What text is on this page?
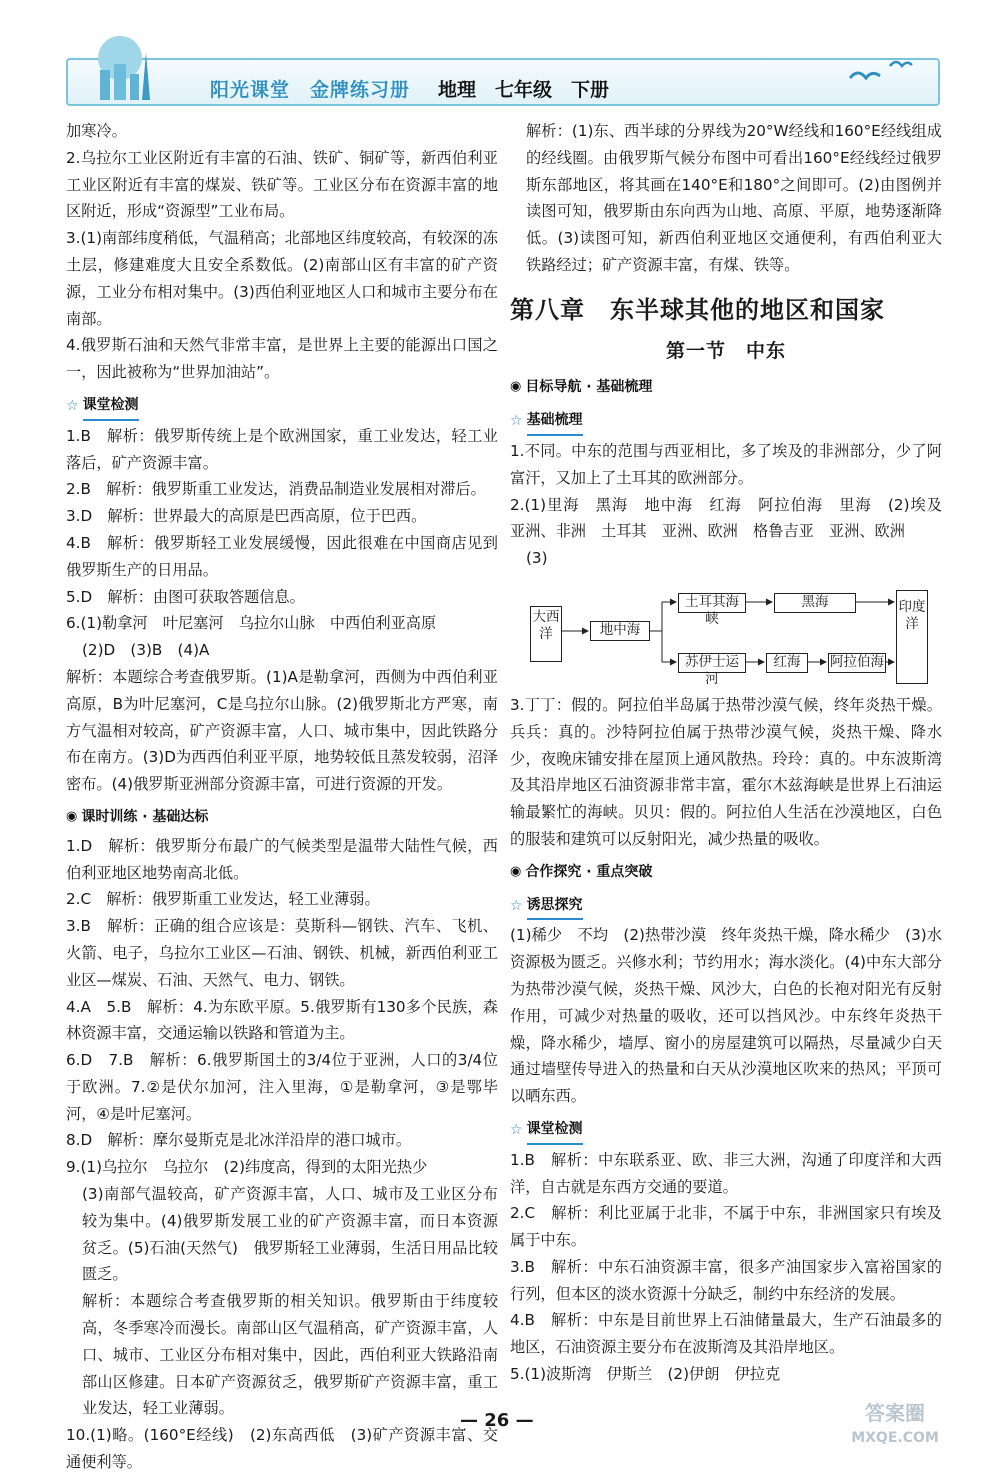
阳光课堂 金牌练习册 地理　七年级　下册

加寒冷。

2.乌拉尔工业区附近有丰富的石油、铁矿、铜矿等，新西伯利亚工业区附近有丰富的煤炭、铁矿等。工业区分布在资源丰富的地区附近，形成“资源型”工业布局。

3.(1)南部纬度稍低，气温稍高；北部地区纬度较高，有较深的冻土层，修建难度大且安全系数低。(2)南部山区有丰富的矿产资源，工业分布相对集中。(3)西伯利亚地区人口和城市主要分布在南部。

4.俄罗斯石油和天然气非常丰富，是世界上主要的能源出口国之一，因此被称为“世界加油站”。

☆ 课堂检测

1.B　解析：俄罗斯传统上是个欧洲国家，重工业发达，轻工业落后，矿产资源丰富。

2.B　解析：俄罗斯重工业发达，消费品制造业发展相对滞后。

3.D　解析：世界最大的高原是巴西高原，位于巴西。

4.B　解析：俄罗斯轻工业发展缓慢，因此很难在中国商店见到俄罗斯生产的日用品。

5.D　解析：由图可获取答题信息。

6.(1)勒拿河　叶尼塞河　乌拉尔山脉　中西伯利亚高原

(2)D　(3)B　(4)A

解析：本题综合考查俄罗斯。(1)A是勒拿河，西侧为中西伯利亚高原，B为叶尼塞河，C是乌拉尔山脉。(2)俄罗斯北方严寒，南方气温相对较高，矿产资源丰富，人口、城市集中，因此铁路分布在南方。(3)D为西西伯利亚平原，地势较低且蒸发较弱，沼泽密布。(4)俄罗斯亚洲部分资源丰富，可进行资源的开发。

◉ 课时训练 · 基础达标

1.D　解析：俄罗斯分布最广的气候类型是温带大陆性气候，西伯利亚地区地势南高北低。

2.C　解析：俄罗斯重工业发达，轻工业薄弱。

3.B　解析：正确的组合应该是：莫斯科—钢铁、汽车、飞机、火箭、电子，乌拉尔工业区—石油、钢铁、机械，新西伯利亚工业区—煤炭、石油、天然气、电力、钢铁。

4.A　5.B　解析：4.为东欧平原。5.俄罗斯有130多个民族，森林资源丰富，交通运输以铁路和管道为主。

6.D　7.B　解析：6.俄罗斯国土的3/4位于亚洲，人口的3/4位于欧洲。7.②是伏尔加河，注入里海，①是勒拿河，③是鄂毕河，④是叶尼塞河。

8.D　解析：摩尔曼斯克是北冰洋沿岸的港口城市。

9.(1)乌拉尔　乌拉尔　(2)纬度高，得到的太阳光热少

(3)南部气温较高，矿产资源丰富，人口、城市及工业区分布较为集中。(4)俄罗斯发展工业的矿产资源丰富，而日本资源贫乏。(5)石油(天然气)　俄罗斯轻工业薄弱，生活日用品比较匮乏。

解析：本题综合考查俄罗斯的相关知识。俄罗斯由于纬度较高，冬季寒冷而漫长。南部山区气温稍高，矿产资源丰富，人口、城市、工业区分布相对集中，因此，西伯利亚大铁路沿南部山区修建。日本矿产资源贫乏，俄罗斯矿产资源丰富，重工业发达，轻工业薄弱。

10.(1)略。(160°E经线)　(2)东高西低　(3)矿产资源丰富、交通便利等。

解析：(1)东、西半球的分界线为20°W经线和160°E经线组成的经线圈。由俄罗斯气候分布图中可看出160°E经线经过俄罗斯东部地区，将其画在140°E和180°之间即可。(2)由图例并读图可知，俄罗斯由东向西为山地、高原、平原，地势逐渐降低。(3)读图可知，新西伯利亚地区交通便利，有西伯利亚大铁路经过；矿产资源丰富，有煤、铁等。

第八章　东半球其他的地区和国家
第一节　中东
◉ 目标导航 · 基础梳理
☆ 基础梳理

1.不同。中东的范围与西亚相比，多了埃及的非洲部分，少了阿富汗，又加上了土耳其的欧洲部分。

2.(1)里海　黑海　地中海　红海　阿拉伯海　里海　(2)埃及　亚洲、非洲　土耳其　亚洲、欧洲　格鲁吉亚　亚洲、欧洲

(3)

大西洋	地中海
土耳其海峡
黑海
苏伊士运河
红海	阿拉伯海
印度洋

3.丁丁：假的。阿拉伯半岛属于热带沙漠气候，终年炎热干燥。兵兵：真的。沙特阿拉伯属于热带沙漠气候，炎热干燥、降水少，夜晚床铺安排在屋顶上通风散热。玲玲：真的。中东波斯湾及其沿岸地区石油资源非常丰富，霍尔木兹海峡是世界上石油运输最繁忙的海峡。贝贝：假的。阿拉伯人生活在沙漠地区，白色的服装和建筑可以反射阳光，减少热量的吸收。

◉ 合作探究 · 重点突破
☆ 诱思探究

(1)稀少　不均　(2)热带沙漠　终年炎热干燥，降水稀少　(3)水资源极为匮乏。兴修水利；节约用水；海水淡化。(4)中东大部分为热带沙漠气候，炎热干燥、风沙大，白色的长袍对阳光有反射作用，可减少对热量的吸收，还可以挡风沙。中东终年炎热干燥，降水稀少，墙厚、窗小的房屋建筑可以隔热，尽量减少白天通过墙壁传导进入的热量和白天从沙漠地区吹来的热风；平顶可以晒东西。

☆ 课堂检测

1.B　解析：中东联系亚、欧、非三大洲，沟通了印度洋和大西洋，自古就是东西方交通的要道。

2.C　解析：利比亚属于北非，不属于中东，非洲国家只有埃及属于中东。

3.B　解析：中东石油资源丰富，很多产油国家步入富裕国家的行列，但本区的淡水资源十分缺乏，制约中东经济的发展。

4.B　解析：中东是目前世界上石油储量最大，生产石油最多的地区，石油资源主要分布在波斯湾及其沿岸地区。

5.(1)波斯湾　伊斯兰　(2)伊朗　伊拉克

— 26 —	答案圈
MXQE.COM
